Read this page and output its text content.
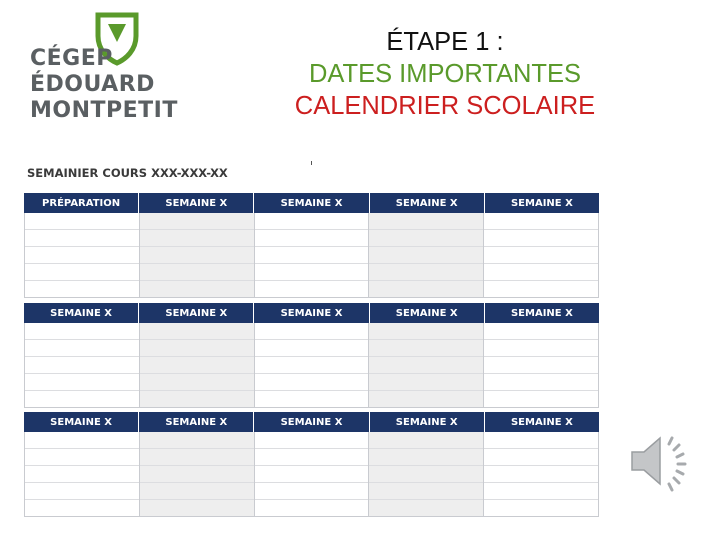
CÉGEP
ÉDOUARD
MONTPETIT
ÉTAPE 1 :
DATES IMPORTANTES
CALENDRIER SCOLAIRE
SEMAINIER COURS XXX-XXX-XX
PRÉPARATION	SEMAINE X	SEMAINE X	SEMAINE X	SEMAINE X
SEMAINE X	SEMAINE X	SEMAINE X	SEMAINE X	SEMAINE X
SEMAINE X	SEMAINE X	SEMAINE X	SEMAINE X	SEMAINE X
